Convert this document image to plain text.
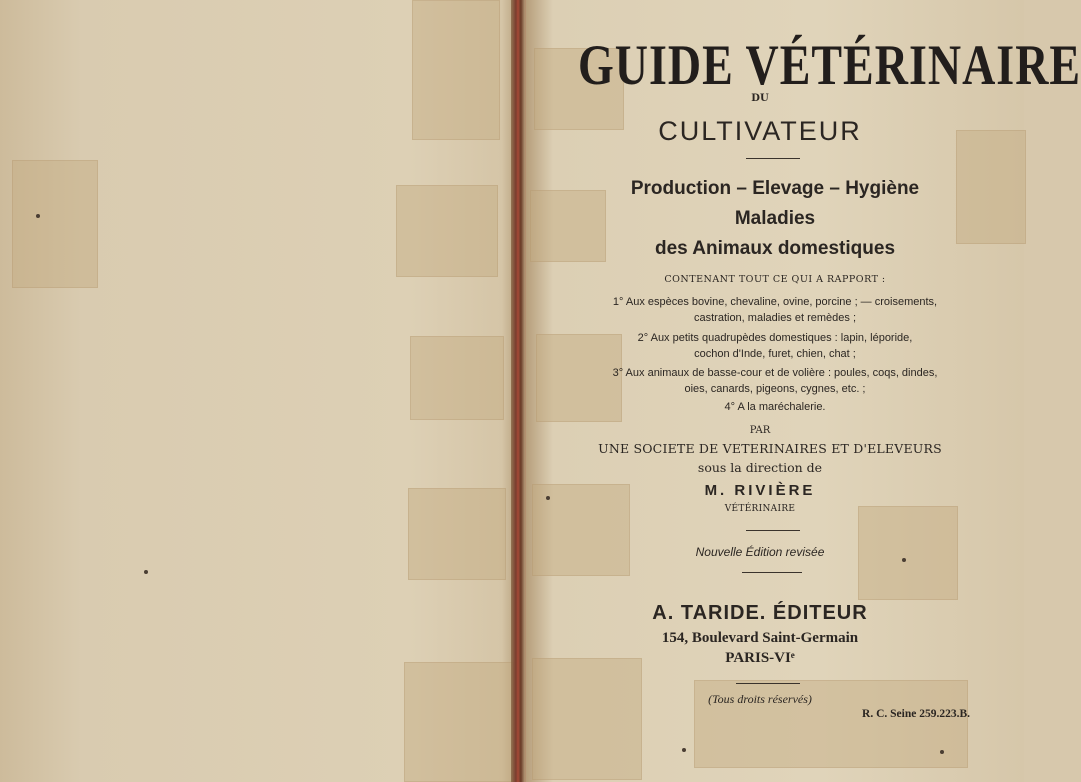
GUIDE VÉTÉRINAIRE
DU
CULTIVATEUR
Production – Elevage – Hygiène
Maladies
des Animaux domestiques
CONTENANT TOUT CE QUI A RAPPORT :
1° Aux espèces bovine, chevaline, ovine, porcine ; — croisements,
castration, maladies et remèdes ;
2° Aux petits quadrupèdes domestiques : lapin, léporide,
cochon d'Inde, furet, chien, chat ;
3° Aux animaux de basse-cour et de volière : poules, coqs, dindes,
oies, canards, pigeons, cygnes, etc. ;
4° A la maréchalerie.
PAR
UNE SOCIETE DE VETERINAIRES ET D'ELEVEURS
sous la direction de
M. RIVIÈRE
VÉTÉRINAIRE
Nouvelle Édition revisée
A. TARIDE. ÉDITEUR
154, Boulevard Saint-Germain
PARIS-VIᵉ
(Tous droits réservés)
R. C. Seine 259.223.B.
